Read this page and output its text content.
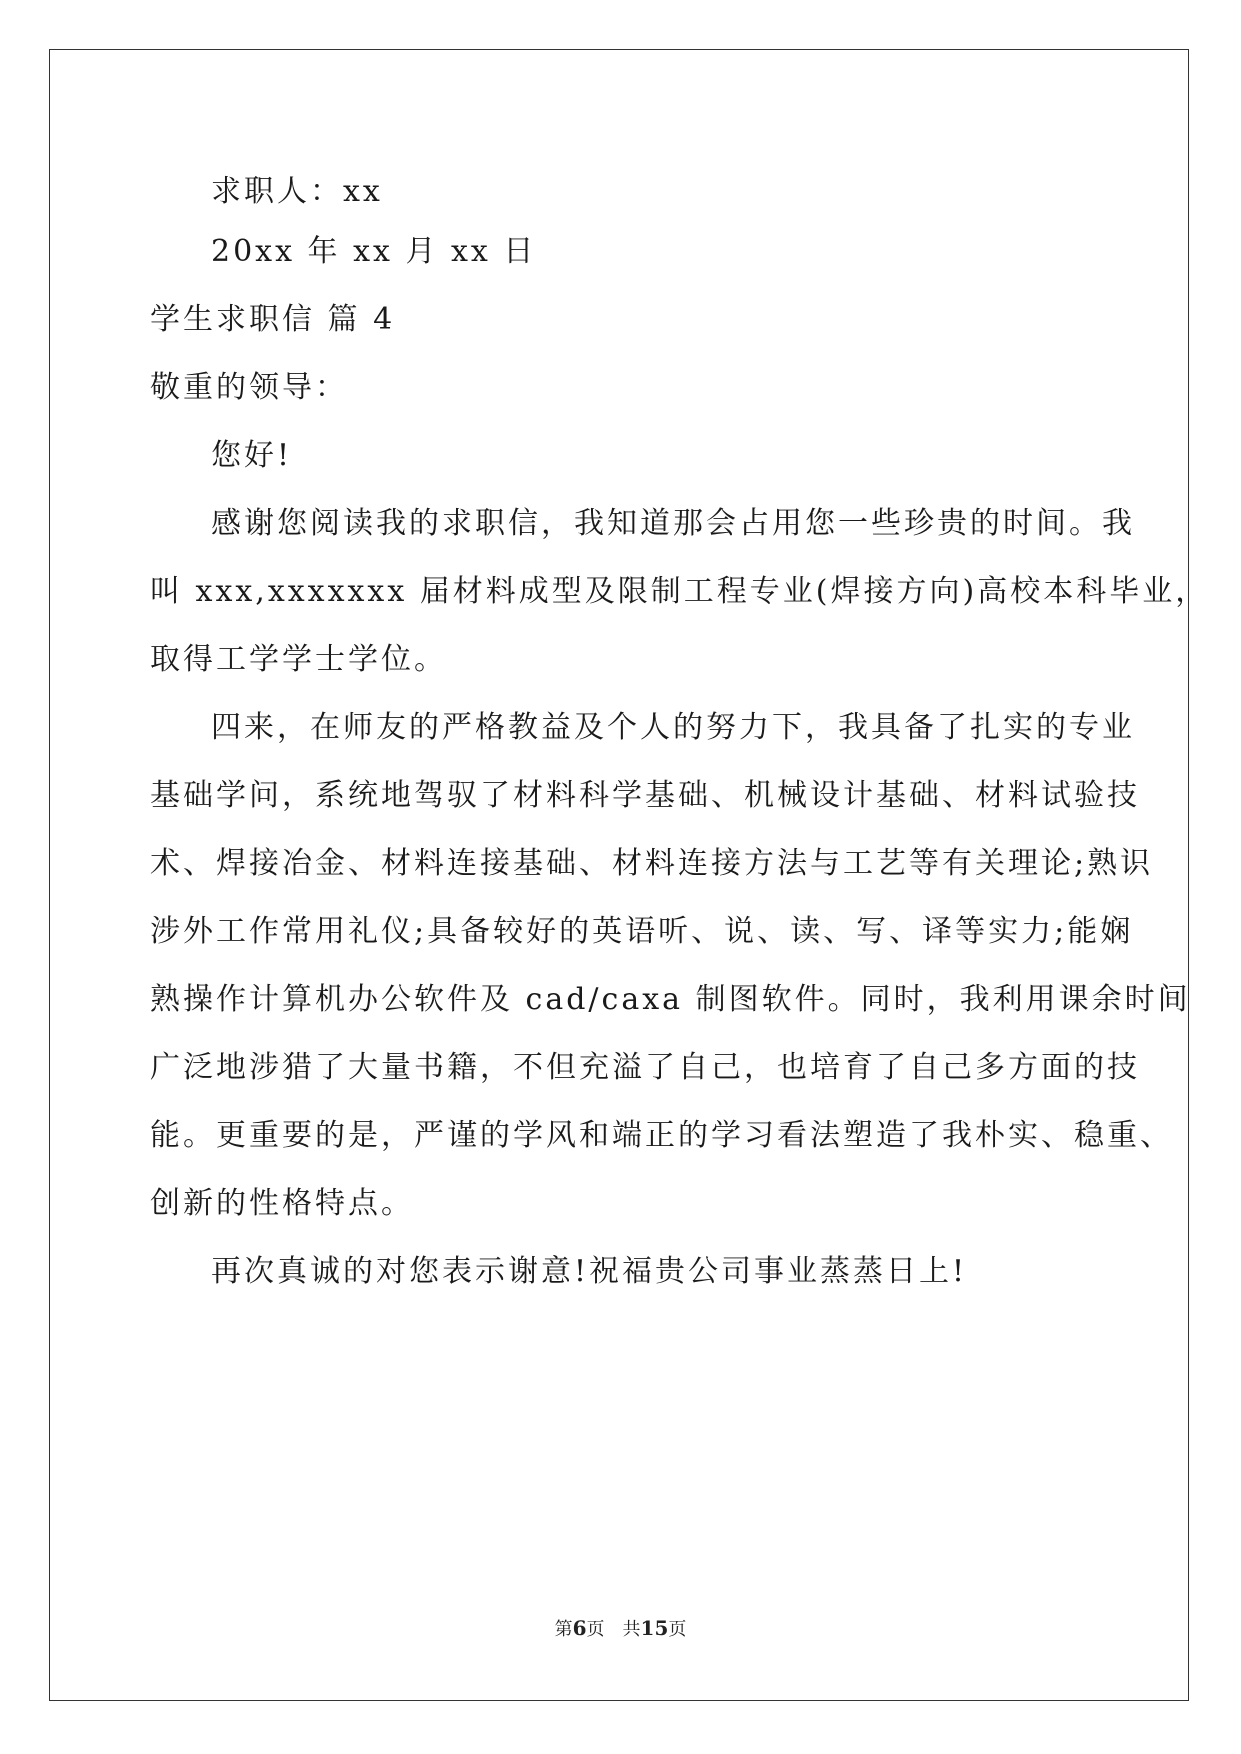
求职人：xx
20xx 年 xx 月 xx 日
学生求职信 篇 4
敬重的领导：
您好!
感谢您阅读我的求职信，我知道那会占用您一些珍贵的时间。我
叫 xxx,xxxxxxx 届材料成型及限制工程专业(焊接方向)高校本科毕业，
取得工学学士学位。
四来，在师友的严格教益及个人的努力下，我具备了扎实的专业
基础学问，系统地驾驭了材料科学基础、机械设计基础、材料试验技
术、焊接冶金、材料连接基础、材料连接方法与工艺等有关理论;熟识
涉外工作常用礼仪;具备较好的英语听、说、读、写、译等实力;能娴
熟操作计算机办公软件及 cad/caxa 制图软件。同时，我利用课余时间
广泛地涉猎了大量书籍，不但充溢了自己，也培育了自己多方面的技
能。更重要的是，严谨的学风和端正的学习看法塑造了我朴实、稳重、
创新的性格特点。
再次真诚的对您表示谢意!祝福贵公司事业蒸蒸日上!
第6页 共15页
